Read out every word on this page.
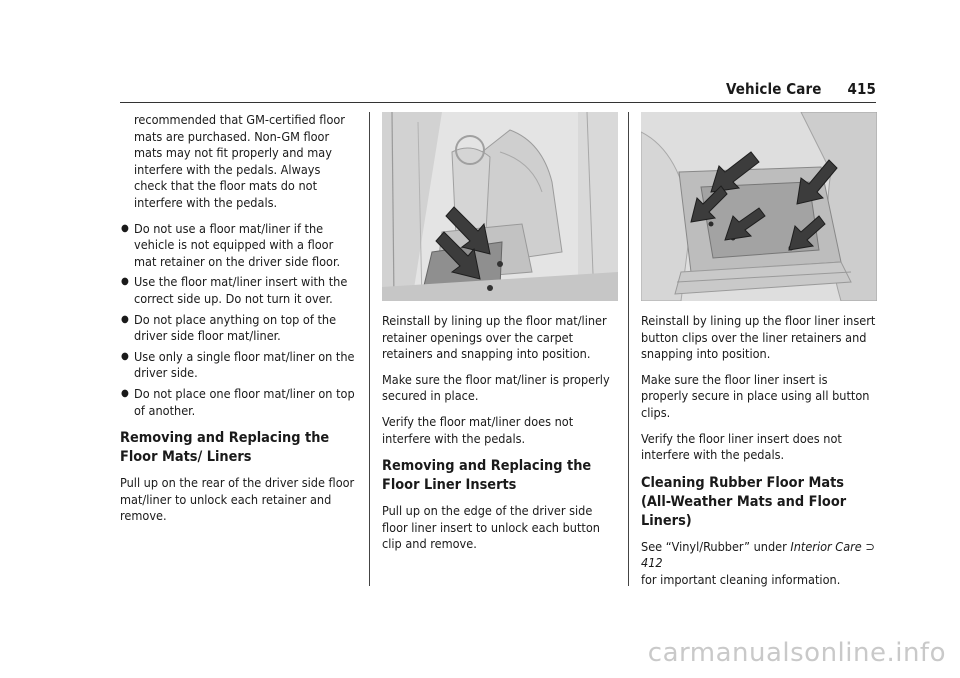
Vehicle Care 415

recommended that GM-certified floor mats are purchased. Non-GM floor mats may not fit properly and may interfere with the pedals. Always check that the floor mats do not interfere with the pedals.

● Do not use a floor mat/liner if the vehicle is not equipped with a floor mat retainer on the driver side floor.
● Use the floor mat/liner insert with the correct side up. Do not turn it over.
● Do not place anything on top of the driver side floor mat/liner.
● Use only a single floor mat/liner on the driver side.
● Do not place one floor mat/liner on top of another.
Removing and Replacing the Floor Mats/ Liners

Pull up on the rear of the driver side floor mat/liner to unlock each retainer and remove.

Reinstall by lining up the floor mat/liner retainer openings over the carpet retainers and snapping into position.

Make sure the floor mat/liner is properly secured in place.

Verify the floor mat/liner does not interfere with the pedals.

Removing and Replacing the Floor Liner Inserts

Pull up on the edge of the driver side floor liner insert to unlock each button clip and remove.

Reinstall by lining up the floor liner insert button clips over the liner retainers and snapping into position.

Make sure the floor liner insert is properly secure in place using all button clips.

Verify the floor liner insert does not interfere with the pedals.

Cleaning Rubber Floor Mats (All-Weather Mats and Floor Liners)

See “Vinyl/Rubber” under Interior Care ⊃ 412
for important cleaning information.

carmanualsonline.info
